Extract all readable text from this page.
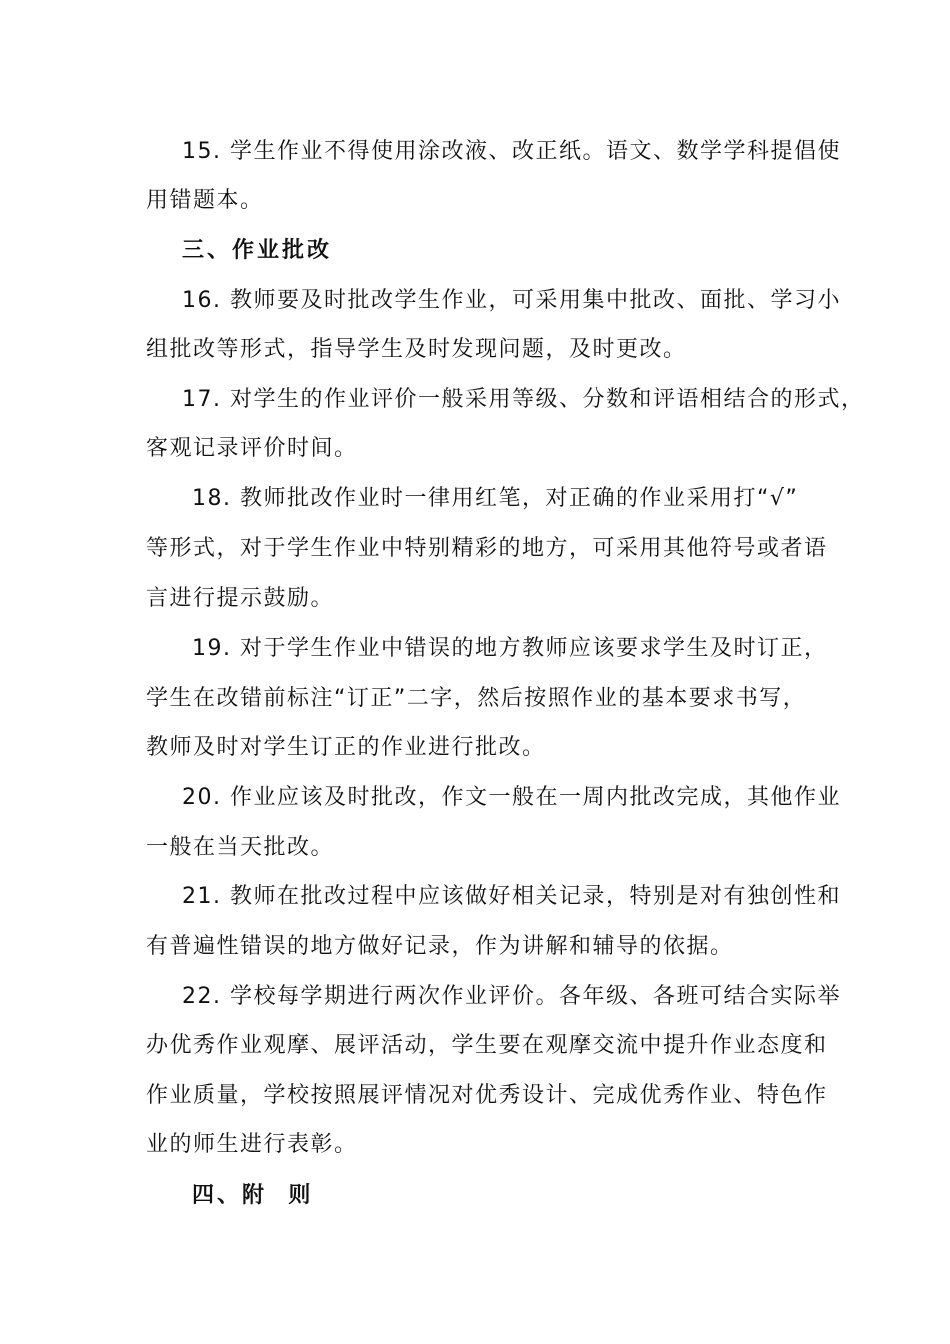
15. 学生作业不得使用涂改液、改正纸。语文、数学学科提倡使
用错题本。
三、作业批改
16. 教师要及时批改学生作业，可采用集中批改、面批、学习小
组批改等形式，指导学生及时发现问题，及时更改。
17. 对学生的作业评价一般采用等级、分数和评语相结合的形式，
客观记录评价时间。
18. 教师批改作业时一律用红笔，对正确的作业采用打“√”
等形式，对于学生作业中特别精彩的地方，可采用其他符号或者语
言进行提示鼓励。
19. 对于学生作业中错误的地方教师应该要求学生及时订正，
学生在改错前标注“订正”二字，然后按照作业的基本要求书写，
教师及时对学生订正的作业进行批改。
20. 作业应该及时批改，作文一般在一周内批改完成，其他作业
一般在当天批改。
21. 教师在批改过程中应该做好相关记录，特别是对有独创性和
有普遍性错误的地方做好记录，作为讲解和辅导的依据。
22. 学校每学期进行两次作业评价。各年级、各班可结合实际举
办优秀作业观摩、展评活动，学生要在观摩交流中提升作业态度和
作业质量，学校按照展评情况对优秀设计、完成优秀作业、特色作
业的师生进行表彰。
四、附  则
